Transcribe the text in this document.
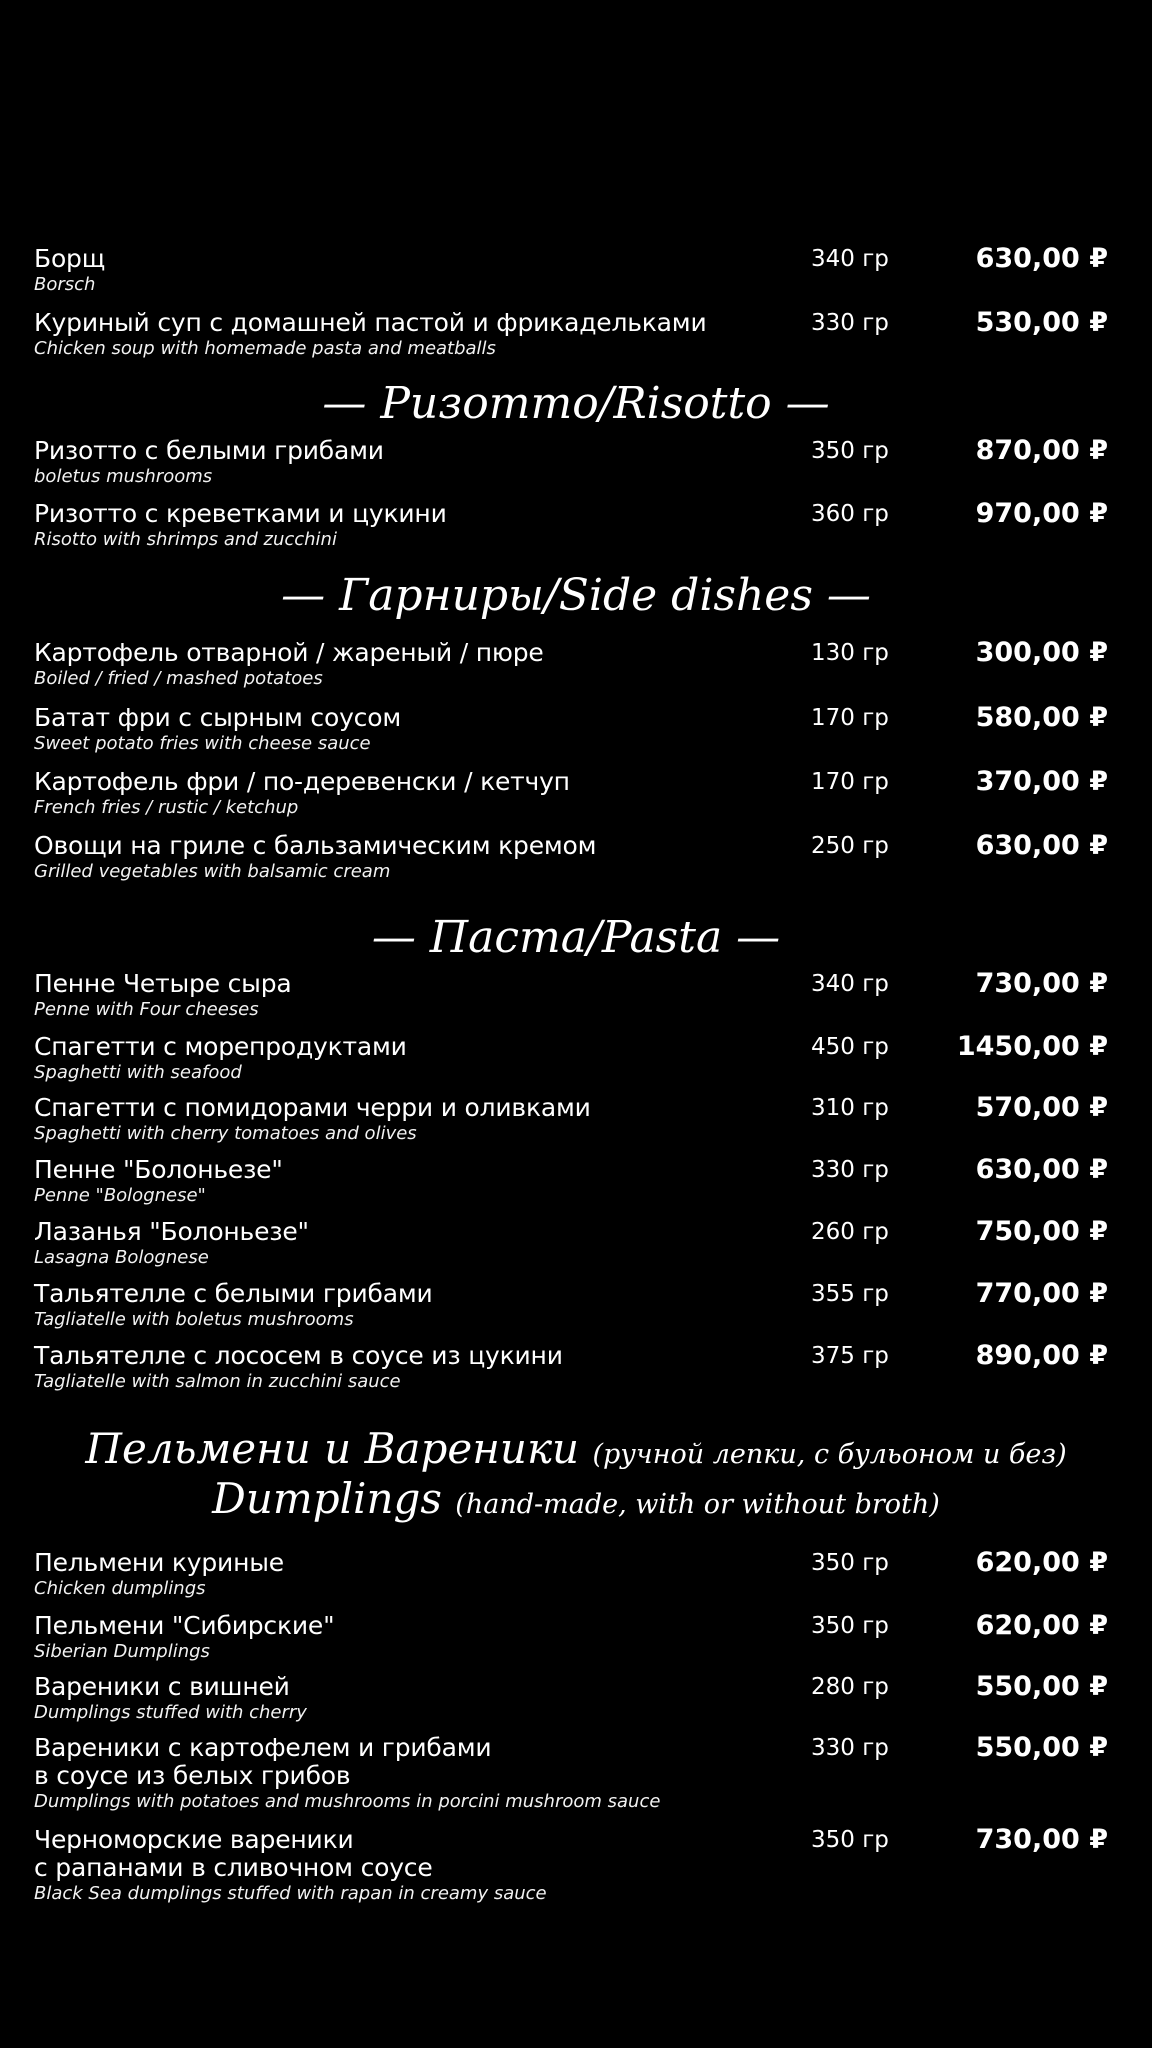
Борщ
Borsch
340 гр	630,00 ₽
Куриный суп с домашней пастой и фрикадельками
Chicken soup with homemade pasta and meatballs
330 гр	530,00 ₽
— Ризотто/Risotto —
Ризотто с белыми грибами
boletus mushrooms
350 гр	870,00 ₽
Ризотто с креветками и цукини
Risotto with shrimps and zucchini
360 гр	970,00 ₽
— Гарниры/Side dishes —
Картофель отварной / жареный / пюре
Boiled / fried / mashed potatoes
130 гр	300,00 ₽
Батат фри с сырным соусом
Sweet potato fries with cheese sauce
170 гр	580,00 ₽
Картофель фри / по-деревенски / кетчуп
French fries / rustic / ketchup
170 гр	370,00 ₽
Овощи на гриле с бальзамическим кремом
Grilled vegetables with balsamic cream
250 гр	630,00 ₽
— Паста/Pasta —
Пенне Четыре сыра
Penne with Four cheeses
340 гр	730,00 ₽
Спагетти с морепродуктами
Spaghetti with seafood
450 гр	1450,00 ₽
Спагетти с помидорами черри и оливками
Spaghetti with cherry tomatoes and olives
310 гр	570,00 ₽
Пенне "Болоньезе"
Penne "Bolognese"
330 гр	630,00 ₽
Лазанья "Болоньезе"
Lasagna Bolognese
260 гр	750,00 ₽
Тальятелле с белыми грибами
Tagliatelle with boletus mushrooms
355 гр	770,00 ₽
Тальятелле с лососем в соусе из цукини
Tagliatelle with salmon in zucchini sauce
375 гр	890,00 ₽
Пельмени и Вареники (ручной лепки, с бульоном и без)
Dumplings (hand-made, with or without broth)
Пельмени куриные
Chicken dumplings
350 гр	620,00 ₽
Пельмени "Сибирские"
Siberian Dumplings
350 гр	620,00 ₽
Вареники с вишней
Dumplings stuffed with cherry
280 гр	550,00 ₽
Вареники с картофелем и грибами
в соусе из белых грибов
Dumplings with potatoes and mushrooms in porcini mushroom sauce
330 гр	550,00 ₽
Черноморские вареники
с рапанами в сливочном соусе
Black Sea dumplings stuffed with rapan in creamy sauce
350 гр	730,00 ₽
